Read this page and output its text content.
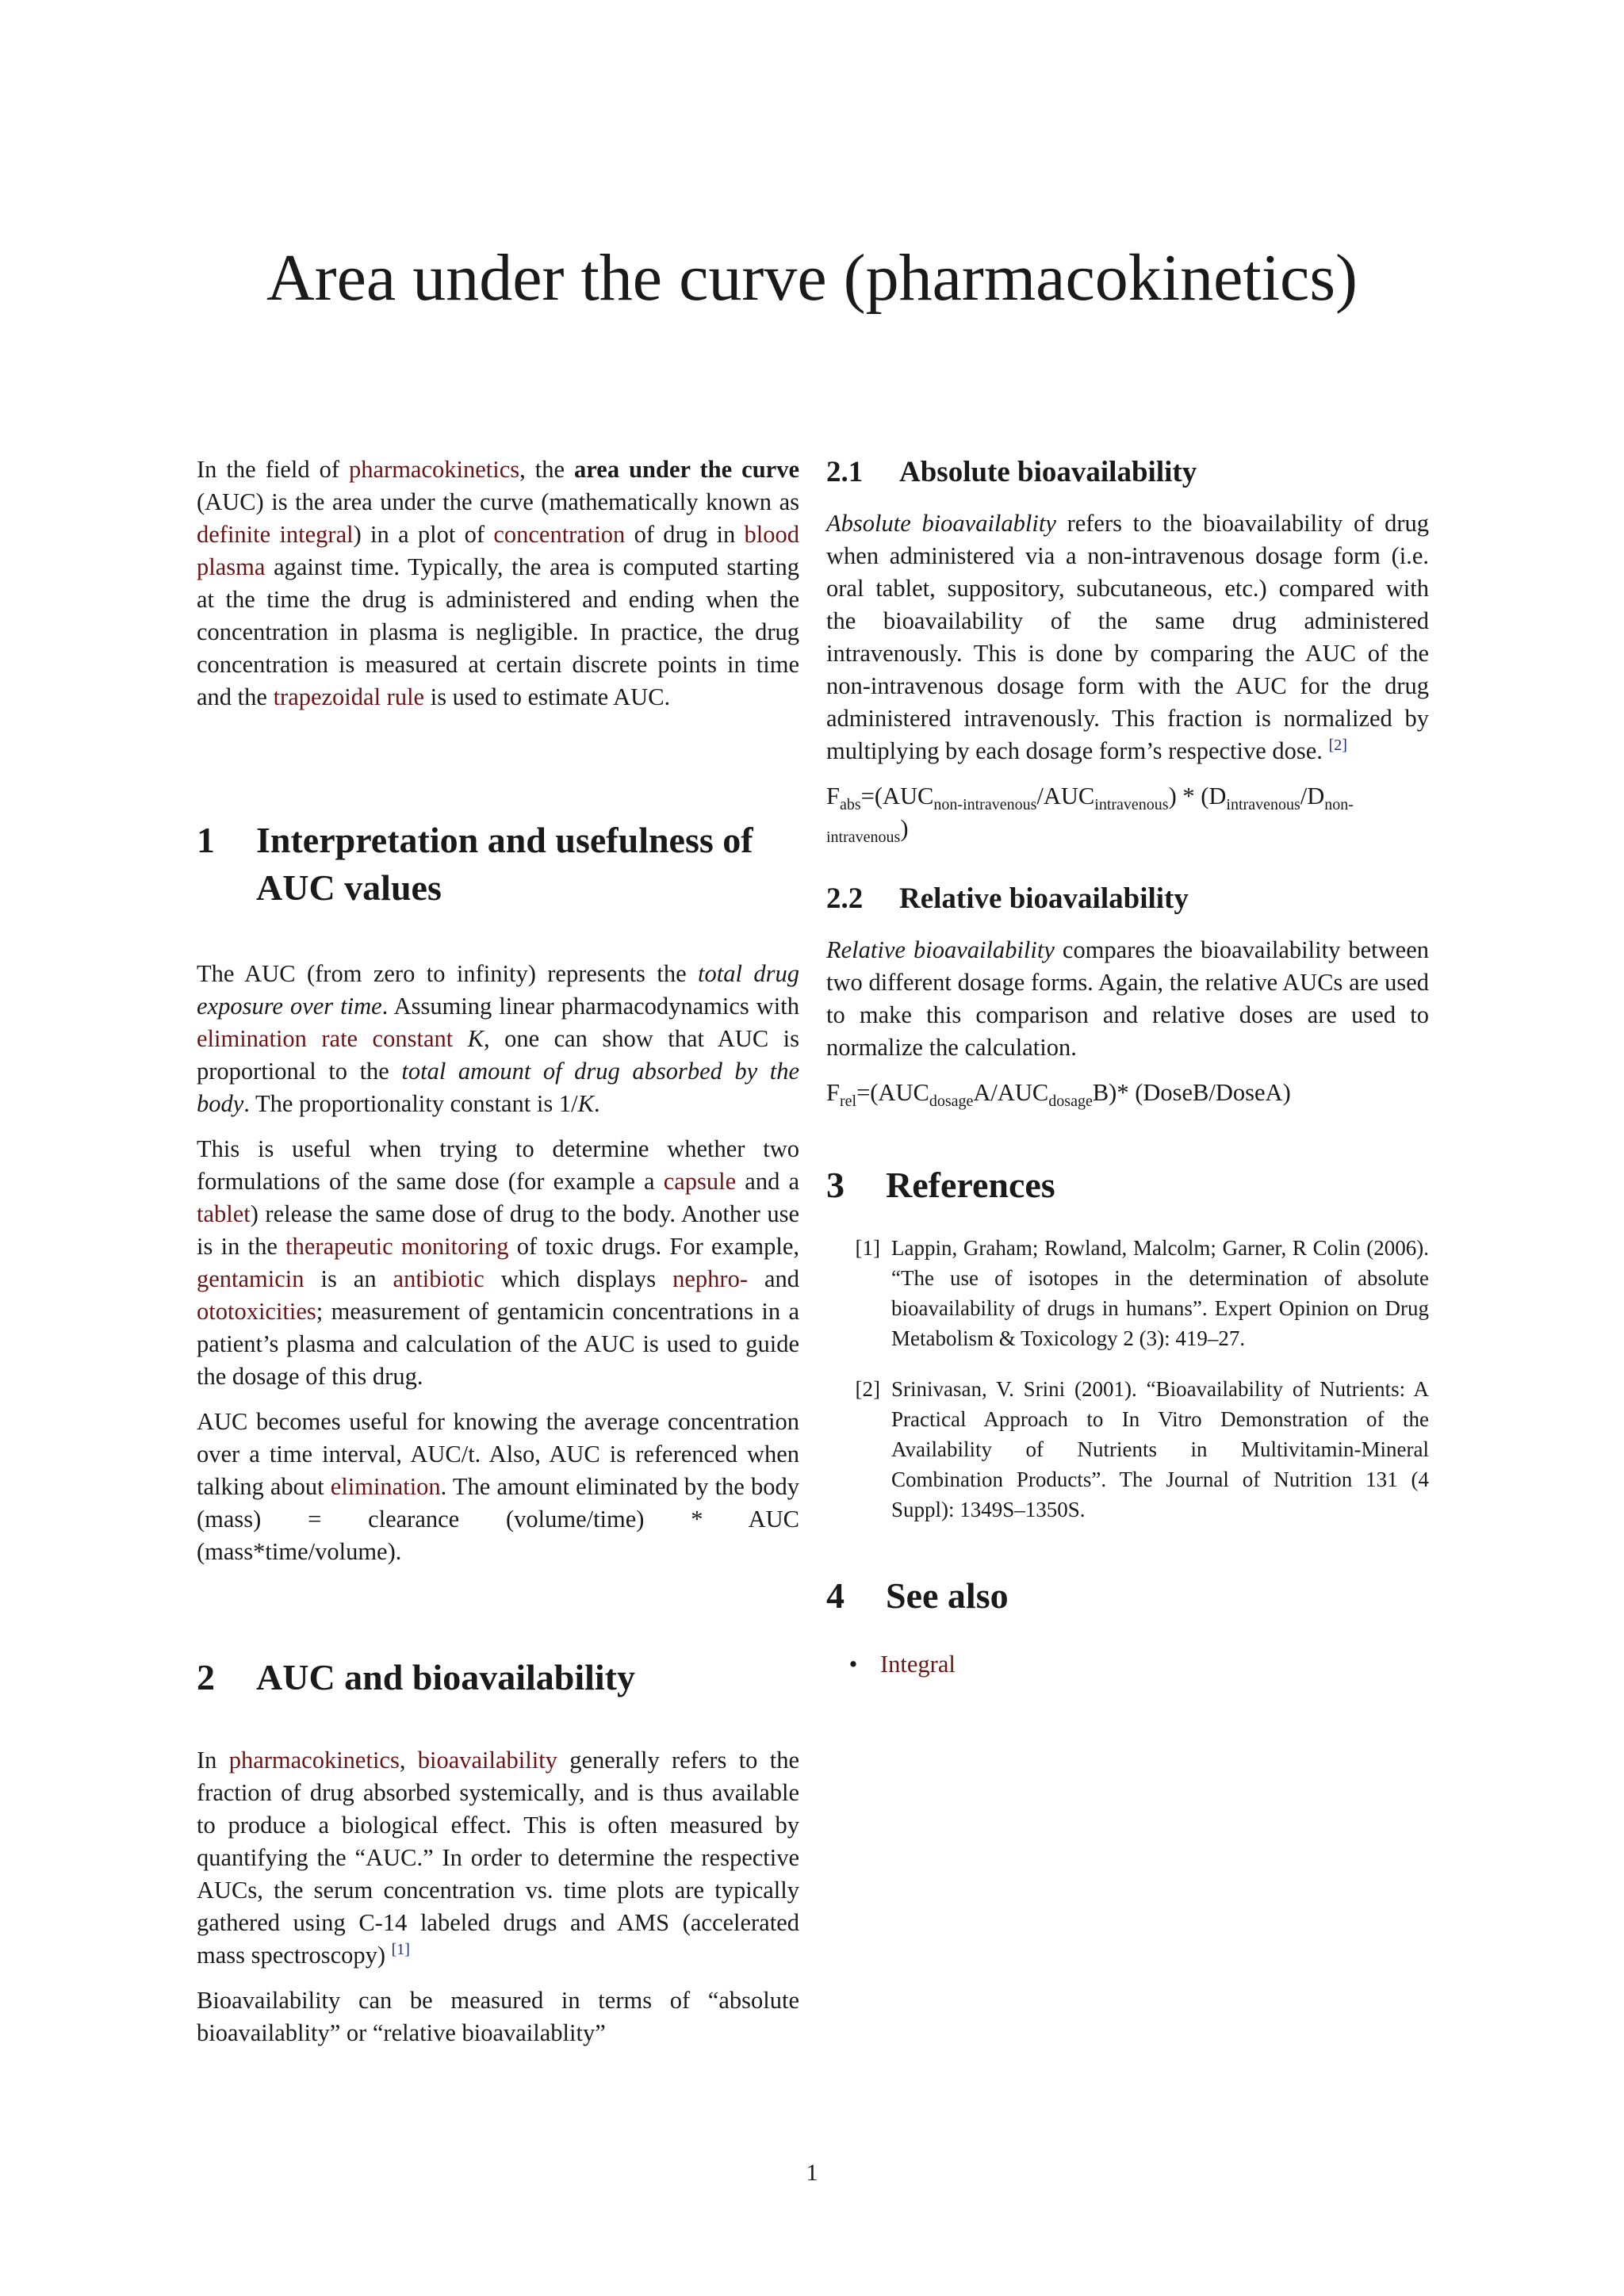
Area under the curve (pharmacokinetics)

In the field of pharmacokinetics, the area under the curve (AUC) is the area under the curve (mathematically known as definite integral) in a plot of concentration of drug in blood plasma against time. Typically, the area is computed starting at the time the drug is administered and ending when the concentration in plasma is negligible. In practice, the drug concentration is measured at certain discrete points in time and the trapezoidal rule is used to estimate AUC.

1	Interpretation and usefulness of AUC values

The AUC (from zero to infinity) represents the total drug exposure over time. Assuming linear pharmacodynamics with elimination rate constant K, one can show that AUC is proportional to the total amount of drug absorbed by the body. The proportionality constant is 1/K.

This is useful when trying to determine whether two formulations of the same dose (for example a capsule and a tablet) release the same dose of drug to the body. Another use is in the therapeutic monitoring of toxic drugs. For example, gentamicin is an antibiotic which displays nephro- and ototoxicities; measurement of gentamicin concentrations in a patient’s plasma and calculation of the AUC is used to guide the dosage of this drug.

AUC becomes useful for knowing the average concentration over a time interval, AUC/t. Also, AUC is referenced when talking about elimination. The amount eliminated by the body (mass) = clearance (volume/time) * AUC (mass*time/volume).

2	AUC and bioavailability

In pharmacokinetics, bioavailability generally refers to the fraction of drug absorbed systemically, and is thus available to produce a biological effect. This is often measured by quantifying the “AUC.” In order to determine the respective AUCs, the serum concentration vs. time plots are typically gathered using C-14 labeled drugs and AMS (accelerated mass spectroscopy) [1]

Bioavailability can be measured in terms of “absolute bioavailablity” or “relative bioavailablity”

2.1	Absolute bioavailability

Absolute bioavailablity refers to the bioavailability of drug when administered via a non-intravenous dosage form (i.e. oral tablet, suppository, subcutaneous, etc.) compared with the bioavailability of the same drug administered intravenously. This is done by comparing the AUC of the non-intravenous dosage form with the AUC for the drug administered intravenously. This fraction is normalized by multiplying by each dosage form’s respective dose. [2]

$F_{abs}=(AUC_{non-intravenous}/AUC_{intravenous}) * (D_{intravenous}/D_{non-intravenous})$

2.2	Relative bioavailability

Relative bioavailability compares the bioavailability between two different dosage forms. Again, the relative AUCs are used to make this comparison and relative doses are used to normalize the calculation.

$F_{rel}=(AUC_{dosage}A/AUC_{dosage}B)*$ (DoseB/DoseA)

3	References
[1] Lappin, Graham; Rowland, Malcolm; Garner, R Colin (2006). “The use of isotopes in the determination of absolute bioavailability of drugs in humans”. Expert Opinion on Drug Metabolism & Toxicology 2 (3): 419–27.
[2] Srinivasan, V. Srini (2001). “Bioavailability of Nutrients: A Practical Approach to In Vitro Demonstration of the Availability of Nutrients in Multivitamin-Mineral Combination Products”. The Journal of Nutrition 131 (4 Suppl): 1349S–1350S.
4	See also
• Integral
1
